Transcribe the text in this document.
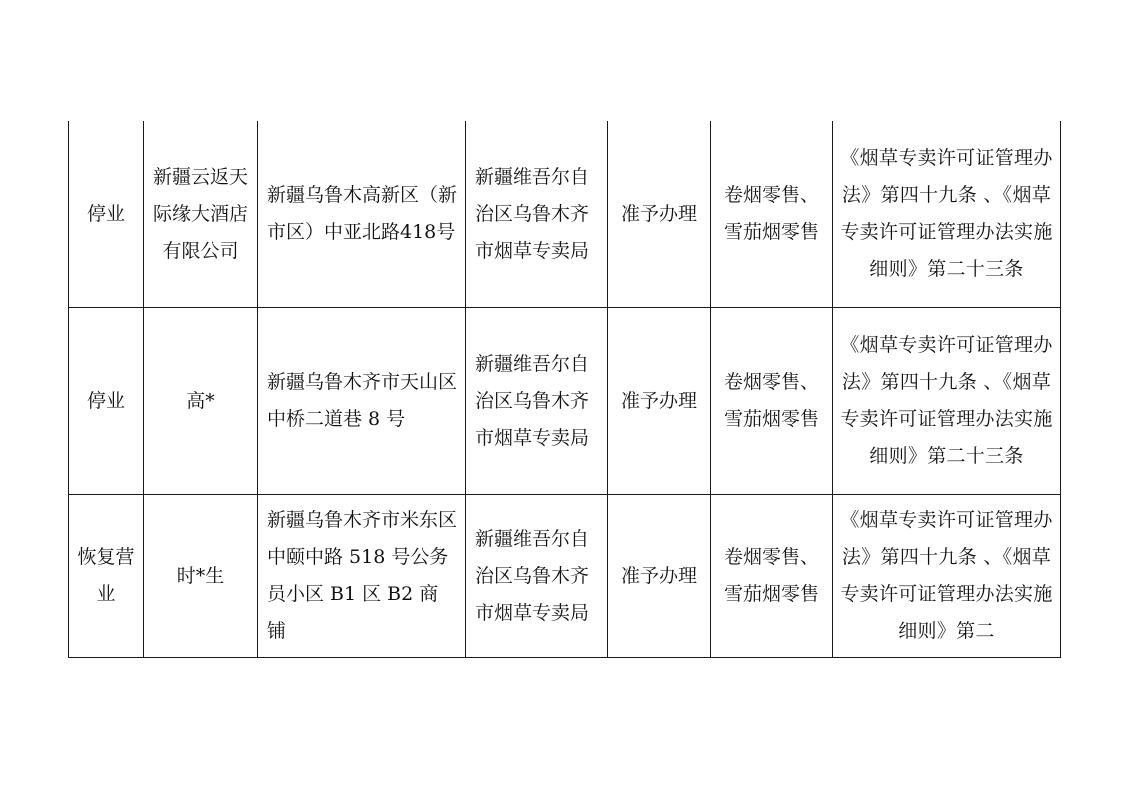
停业	新疆云返天际缘大酒店有限公司	新疆乌鲁木高新区（新市区）中亚北路418号	新疆维吾尔自治区乌鲁木齐市烟草专卖局	准予办理	卷烟零售、雪茄烟零售	《烟草专卖许可证管理办法》第四十九条 、《烟草专卖许可证管理办法实施细则》第二十三条
停业	高*	新疆乌鲁木齐市天山区中桥二道巷 8 号	新疆维吾尔自治区乌鲁木齐市烟草专卖局	准予办理	卷烟零售、雪茄烟零售	《烟草专卖许可证管理办法》第四十九条 、《烟草专卖许可证管理办法实施细则》第二十三条
恢复营业	时*生	新疆乌鲁木齐市米东区中颐中路 518 号公务员小区 B1 区 B2 商铺	新疆维吾尔自治区乌鲁木齐市烟草专卖局	准予办理	卷烟零售、雪茄烟零售	《烟草专卖许可证管理办法》第四十九条 、《烟草专卖许可证管理办法实施细则》第二
